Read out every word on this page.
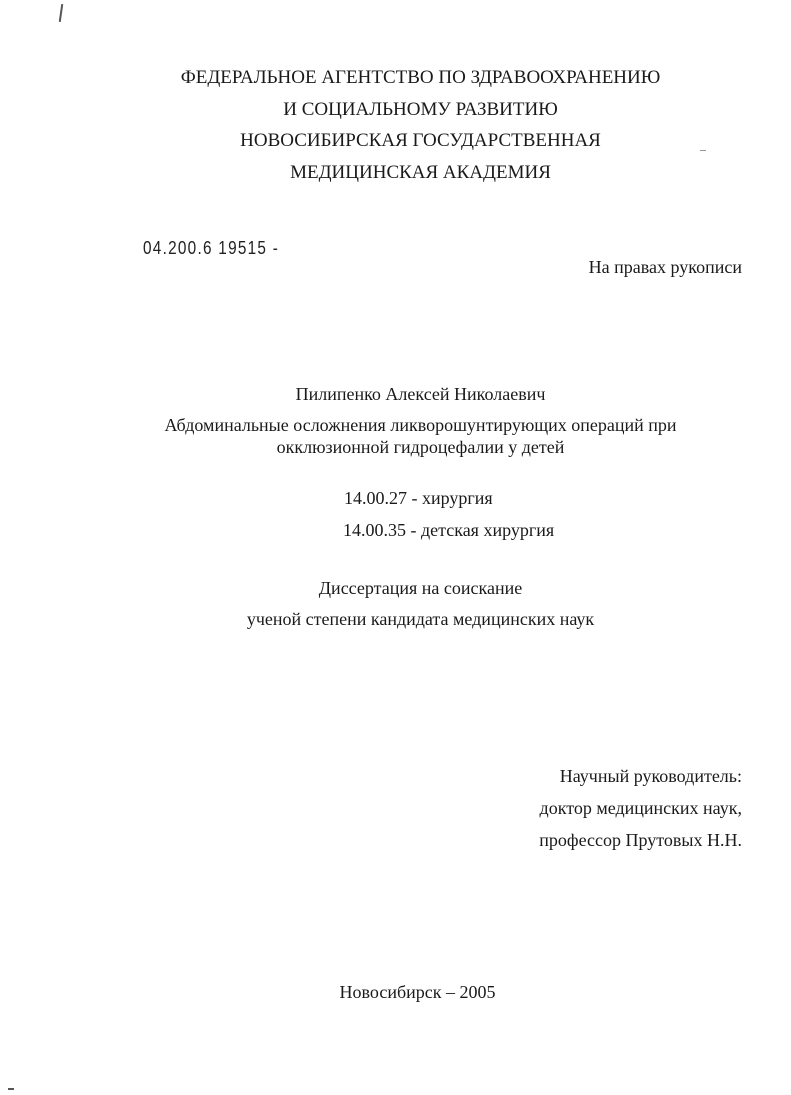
ФЕДЕРАЛЬНОЕ АГЕНТСТВО ПО ЗДРАВООХРАНЕНИЮ
И СОЦИАЛЬНОМУ РАЗВИТИЮ
НОВОСИБИРСКАЯ ГОСУДАРСТВЕННАЯ
МЕДИЦИНСКАЯ АКАДЕМИЯ
04.200.6 19515 -
На правах рукописи
Пилипенко Алексей Николаевич
Абдоминальные осложнения ликворошунтирующих операций при
окклюзионной гидроцефалии у детей
14.00.27 - хирургия
14.00.35 - детская хирургия
Диссертация на соискание
ученой степени кандидата медицинских наук
Научный руководитель:
доктор медицинских наук,
профессор Прутовых Н.Н.
Новосибирск – 2005
